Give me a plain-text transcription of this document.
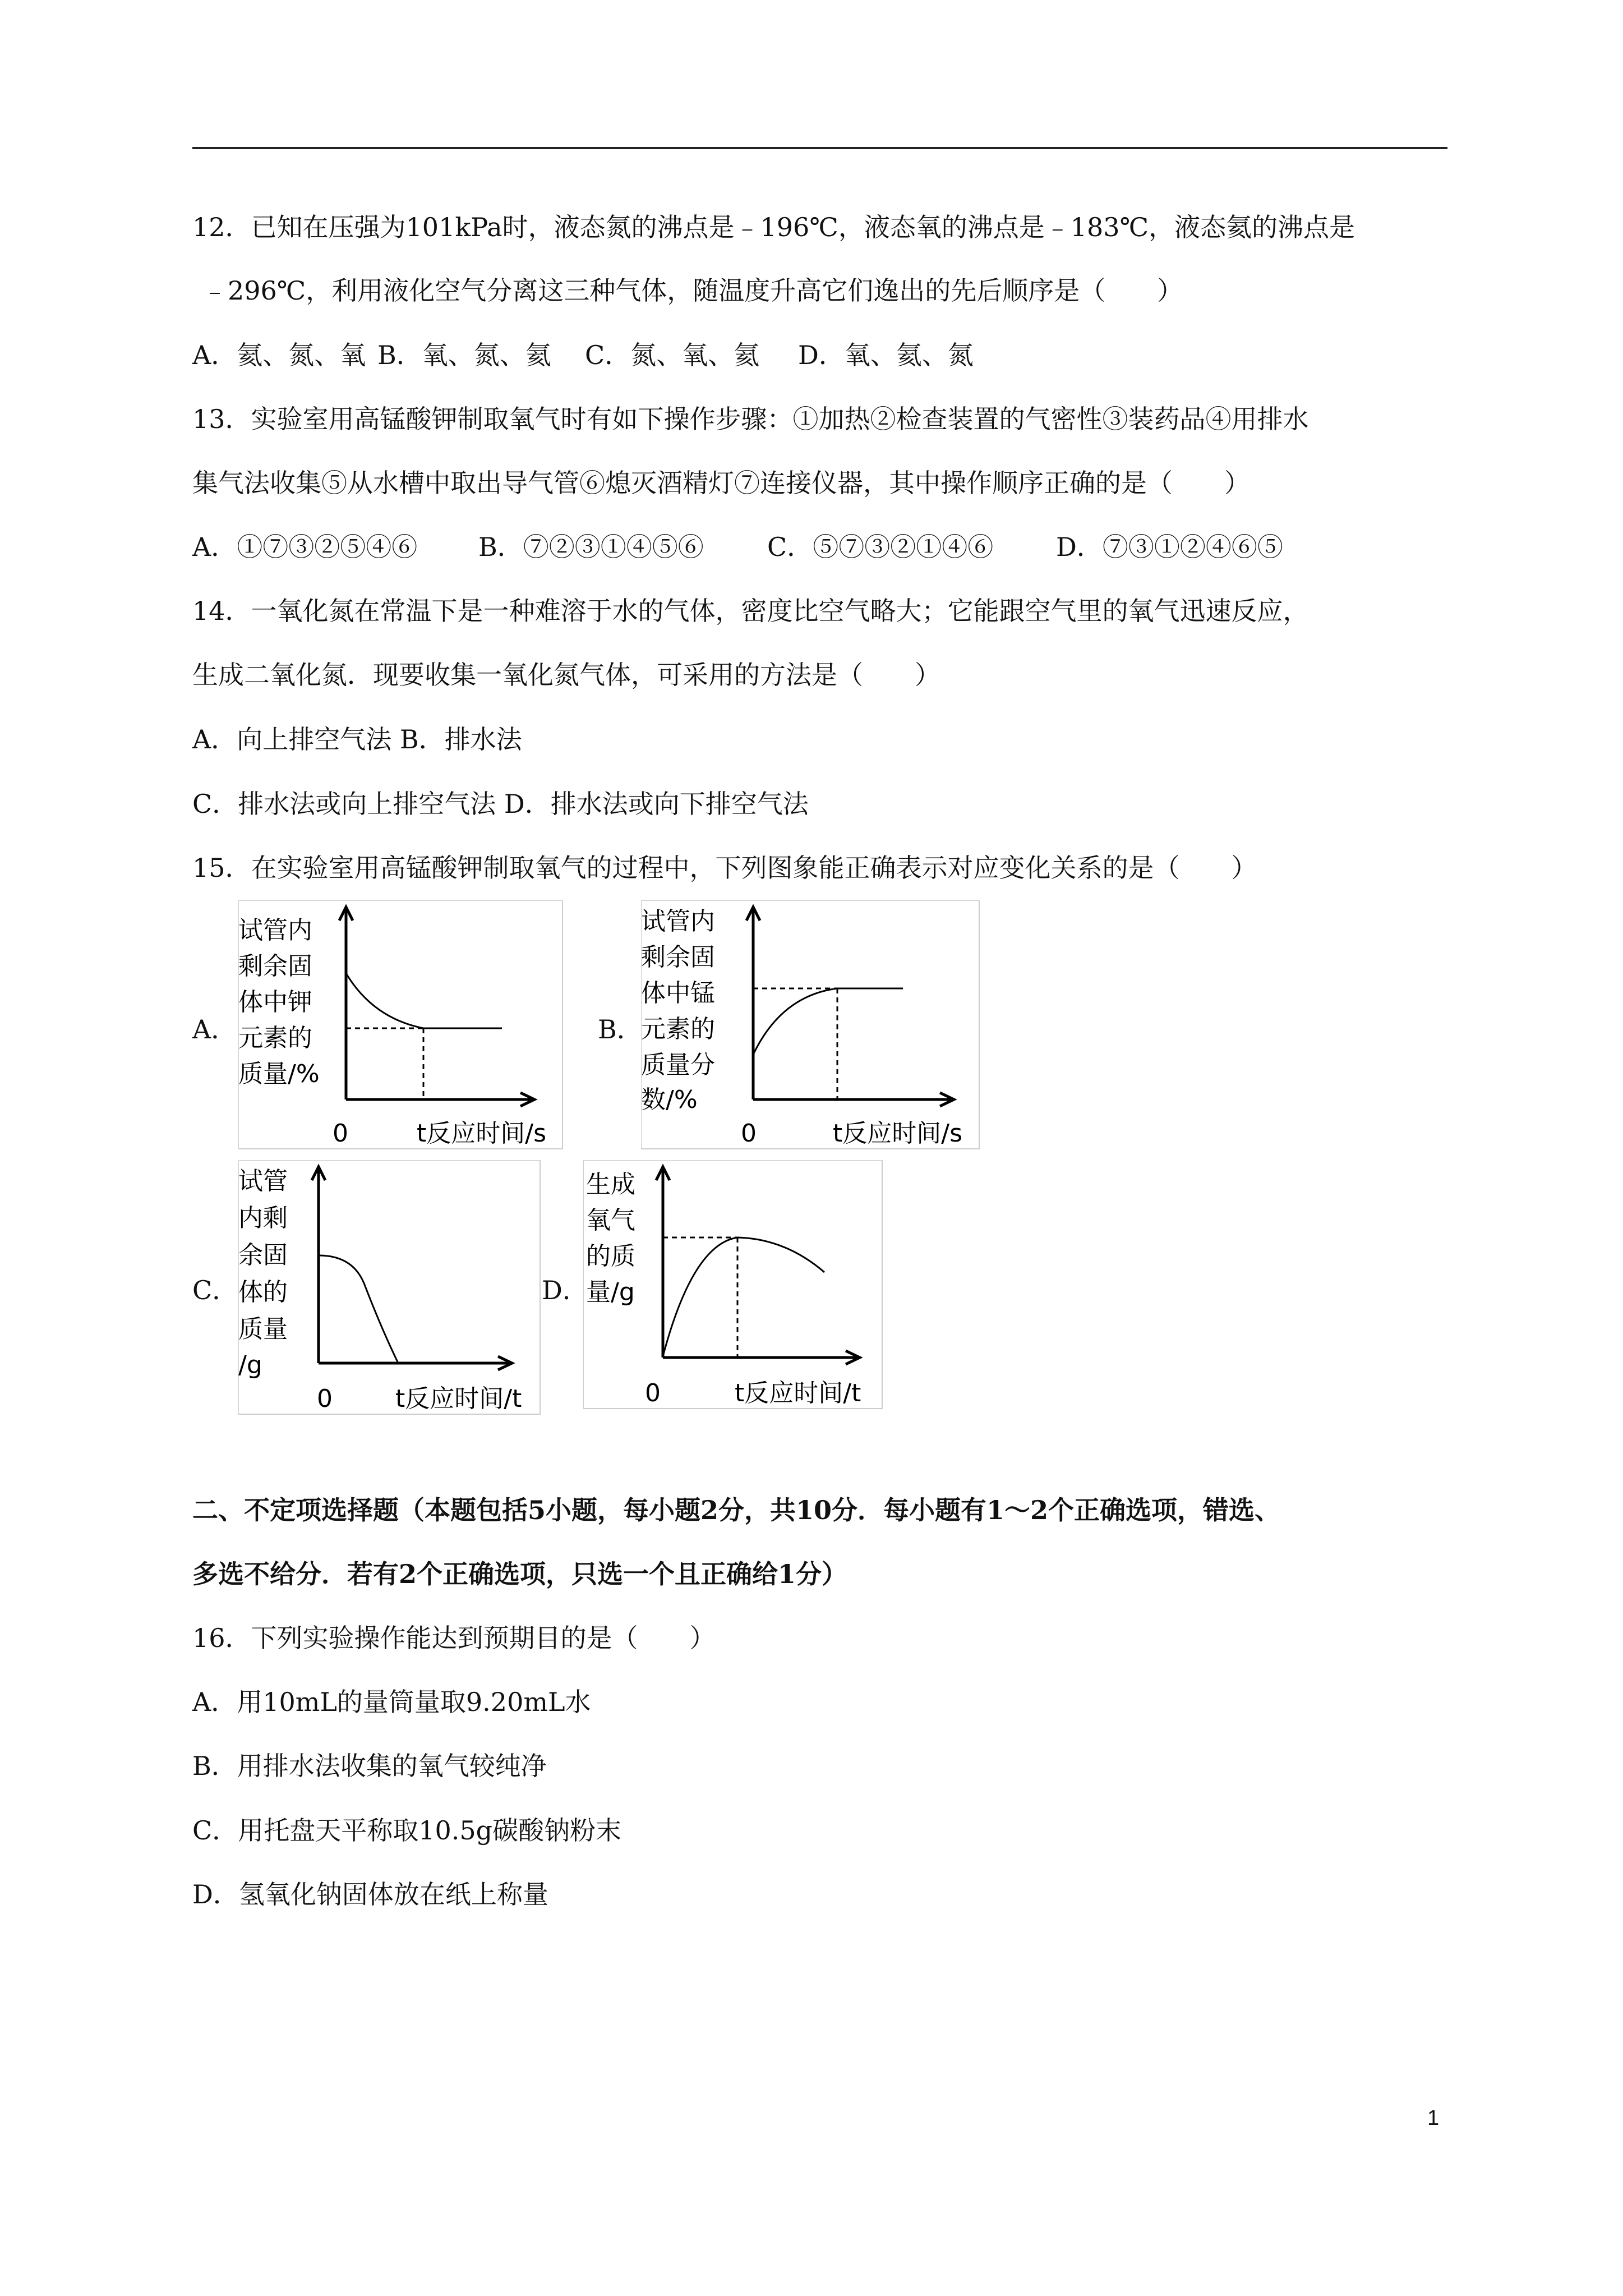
12．已知在压强为101kPa时，液态氮的沸点是﹣196℃，液态氧的沸点是﹣183℃，液态氦的沸点是
﹣296℃，利用液化空气分离这三种气体，随温度升高它们逸出的先后顺序是（　　）
A．氦、氮、氧 B．氧、氮、氦 C．氮、氧、氦 D．氧、氦、氮
13．实验室用高锰酸钾制取氧气时有如下操作步骤：①加热②检查装置的气密性③装药品④用排水
集气法收集⑤从水槽中取出导气管⑥熄灭酒精灯⑦连接仪器，其中操作顺序正确的是（　　）
A．①⑦③②⑤④⑥ B．⑦②③①④⑤⑥ C．⑤⑦③②①④⑥ D．⑦③①②④⑥⑤
14．一氧化氮在常温下是一种难溶于水的气体，密度比空气略大；它能跟空气里的氧气迅速反应，
生成二氧化氮．现要收集一氧化氮气体，可采用的方法是（　　）
A．向上排空气法 B．排水法
C．排水法或向上排空气法 D．排水法或向下排空气法
15．在实验室用高锰酸钾制取氧气的过程中，下列图象能正确表示对应变化关系的是（　　）
A．	B．
C．	D．
试管内
剩余固
体中钾
元素的
质量/%
0	t反应时间/s
试管内
剩余固
体中锰
元素的
质量分
数/%
0	t反应时间/s
试管
内剩
余固
体的
质量
/g
0	t反应时间/t
生成
氧气
的质
量/g
0	t反应时间/t
二、不定项选择题（本题包括5小题，每小题2分，共10分．每小题有1～2个正确选项，错选、
多选不给分．若有2个正确选项，只选一个且正确给1分）
16．下列实验操作能达到预期目的是（　　）
A．用10mL的量筒量取9.20mL水
B．用排水法收集的氧气较纯净
C．用托盘天平称取10.5g碳酸钠粉末
D．氢氧化钠固体放在纸上称量
1
